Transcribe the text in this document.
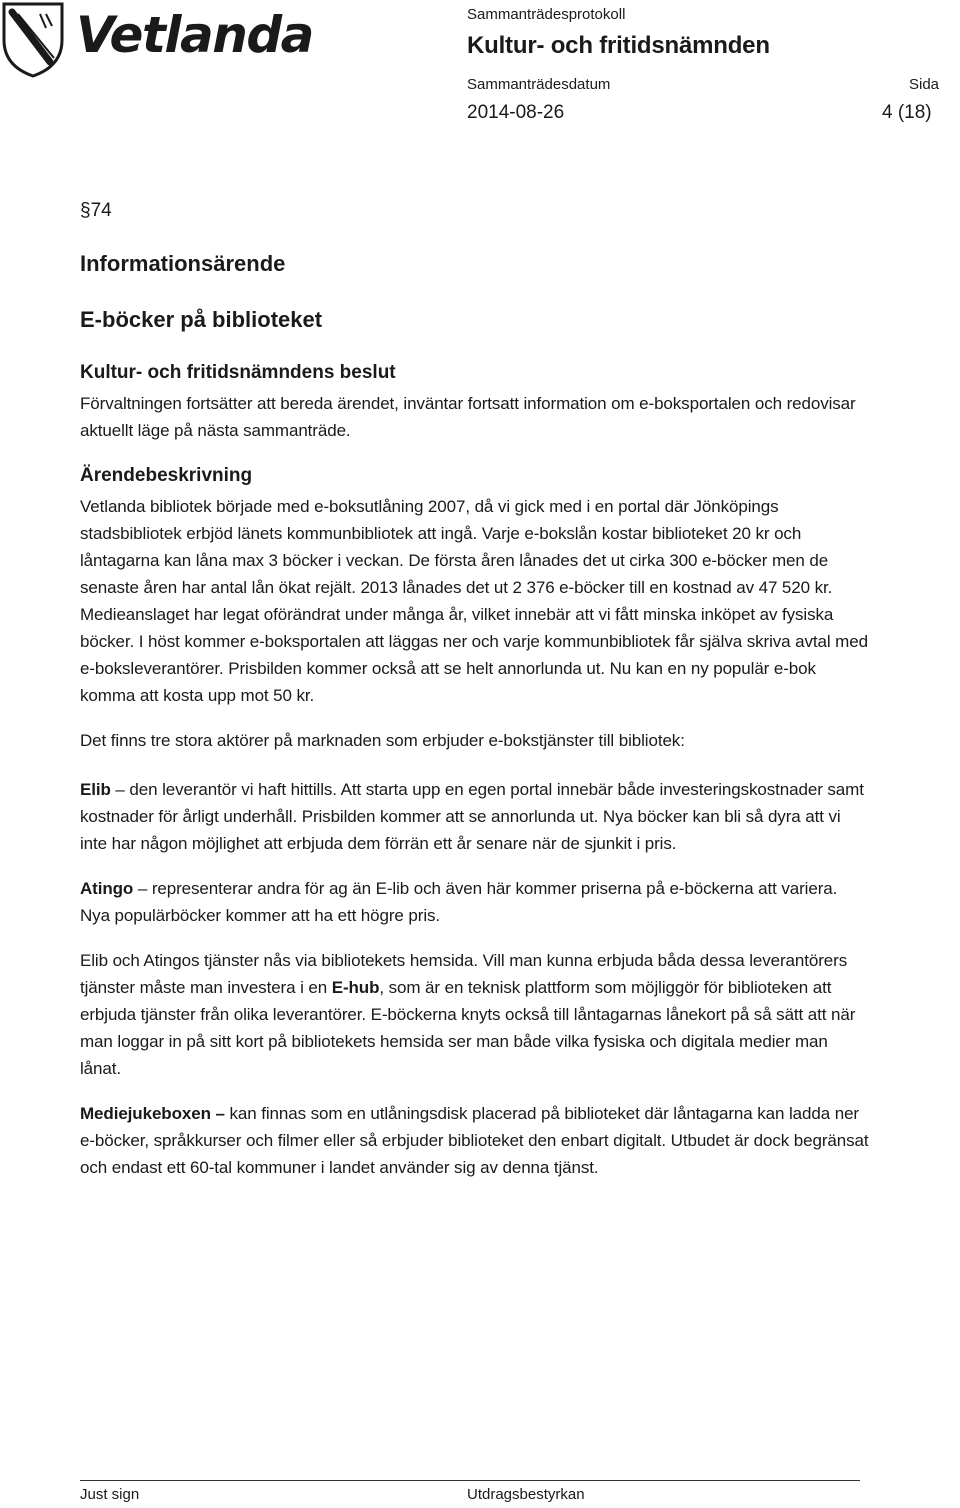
Vetlanda	Sammanträdesprotokoll
Kultur- och fritidsnämnden
Sammanträdesdatum	Sida
2014-08-26	4 (18)
§74
Informationsärende
E-böcker på biblioteket
Kultur- och fritidsnämndens beslut

Förvaltningen fortsätter att bereda ärendet, inväntar fortsatt information om e-boksportalen och redovisar aktuellt läge på nästa sammanträde.

Ärendebeskrivning

Vetlanda bibliotek började med e-boksutlåning 2007, då vi gick med i en portal där Jönköpings stadsbibliotek erbjöd länets kommunbibliotek att ingå. Varje e-bokslån kostar biblioteket 20 kr och låntagarna kan låna max 3 böcker i veckan. De första åren lånades det ut cirka 300 e-böcker men de senaste åren har antal lån ökat rejält. 2013 lånades det ut 2 376 e-böcker till en kostnad av 47 520 kr. Medieanslaget har legat oförändrat under många år, vilket innebär att vi fått minska inköpet av fysiska böcker. I höst kommer e-boksportalen att läggas ner och varje kommunbibliotek får själva skriva avtal med e-boksleverantörer. Prisbilden kommer också att se helt annorlunda ut. Nu kan en ny populär e-bok komma att kosta upp mot 50 kr.

Det finns tre stora aktörer på marknaden som erbjuder e-bokstjänster till bibliotek:

Elib – den leverantör vi haft hittills. Att starta upp en egen portal innebär både investeringskostnader samt kostnader för årligt underhåll. Prisbilden kommer att se annorlunda ut. Nya böcker kan bli så dyra att vi inte har någon möjlighet att erbjuda dem förrän ett år senare när de sjunkit i pris.

Atingo – representerar andra för ag än E-lib och även här kommer priserna på e-böckerna att variera. Nya populärböcker kommer att ha ett högre pris.

Elib och Atingos tjänster nås via bibliotekets hemsida. Vill man kunna erbjuda båda dessa leverantörers tjänster måste man investera i en E-hub, som är en teknisk plattform som möjliggör för biblioteken att erbjuda tjänster från olika leverantörer. E-böckerna knyts också till låntagarnas lånekort på så sätt att när man loggar in på sitt kort på bibliotekets hemsida ser man både vilka fysiska och digitala medier man lånat.

Mediejukeboxen – kan finnas som en utlåningsdisk placerad på biblioteket där låntagarna kan ladda ner e-böcker, språkkurser och filmer eller så erbjuder biblioteket den enbart digitalt. Utbudet är dock begränsat och endast ett 60-tal kommuner i landet använder sig av denna tjänst.

Just sign	Utdragsbestyrkan
